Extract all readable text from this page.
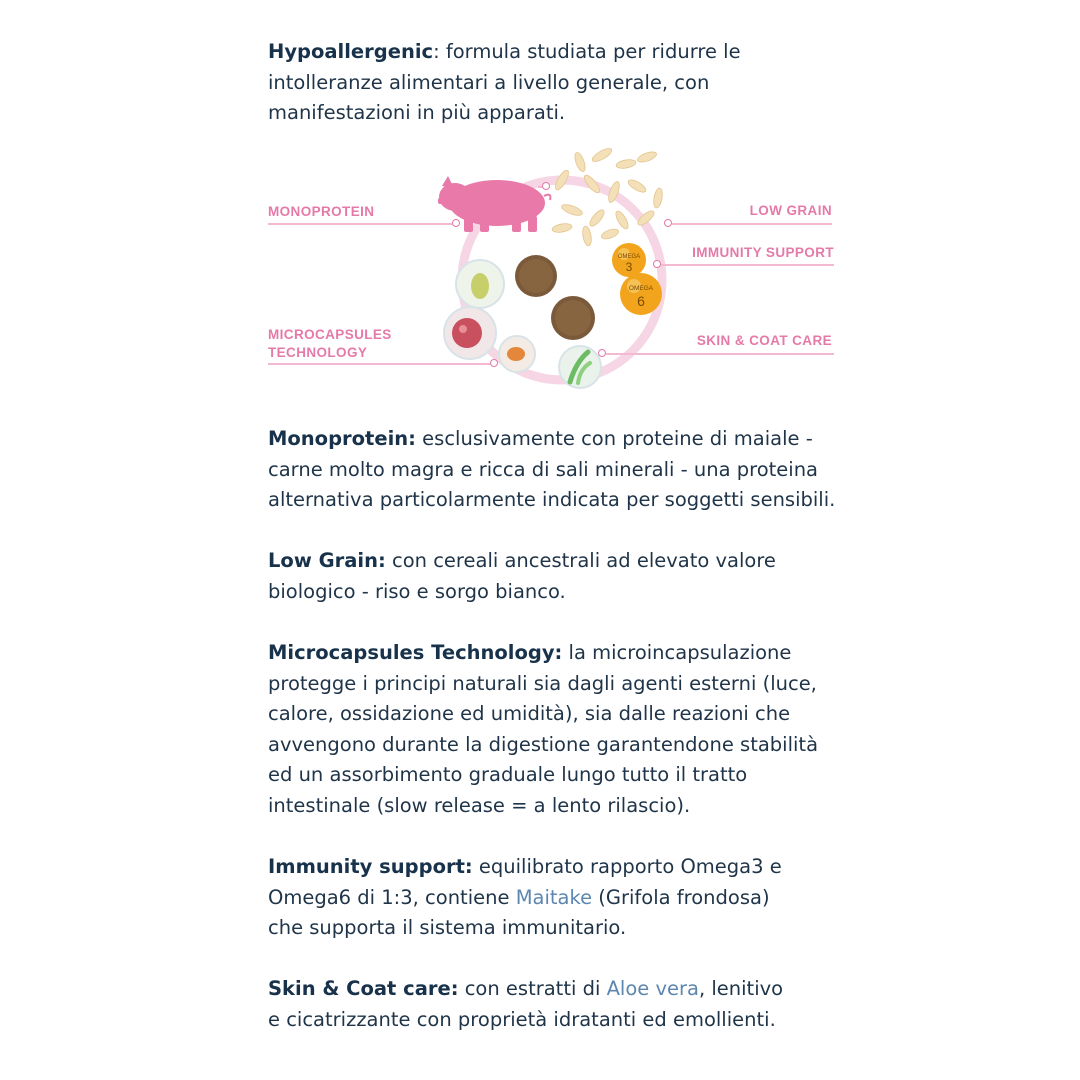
Hypoallergenic: formula studiata per ridurre le intolleranze alimentari a livello generale, con manifestazioni in più apparati.

OMEGA
3
OMEGA
6
MONOPROTEIN	LOW GRAIN
IMMUNITY SUPPORT
MICROCAPSULES
TECHNOLOGY
SKIN & COAT CARE

Monoprotein: esclusivamente con proteine di maiale - carne molto magra e ricca di sali minerali - una proteina alternativa particolarmente indicata per soggetti sensibili.

Low Grain: con cereali ancestrali ad elevato valore biologico - riso e sorgo bianco.

Microcapsules Technology: la microincapsulazione protegge i principi naturali sia dagli agenti esterni (luce, calore, ossidazione ed umidità), sia dalle reazioni che avvengono durante la digestione garantendone stabilità ed un assorbimento graduale lungo tutto il tratto intestinale (slow release = a lento rilascio).

Immunity support: equilibrato rapporto Omega3 e Omega6 di 1:3, contiene Maitake (Grifola frondosa) che supporta il sistema immunitario.

Skin & Coat care: con estratti di Aloe vera, lenitivo e cicatrizzante con proprietà idratanti ed emollienti.
